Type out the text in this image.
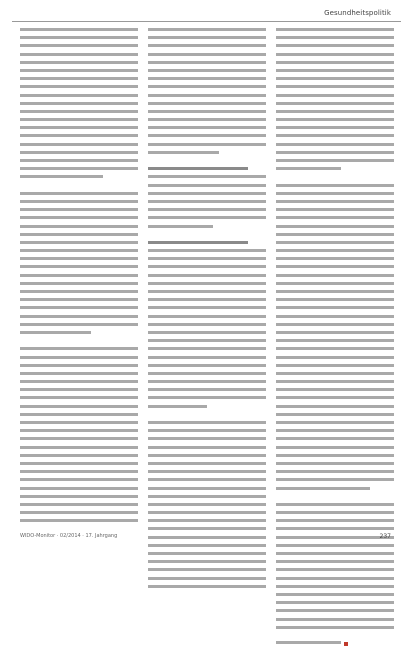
Gesundheitspolitik
WIDO-Monitor · 02/2014 · 17. Jahrgang	237
